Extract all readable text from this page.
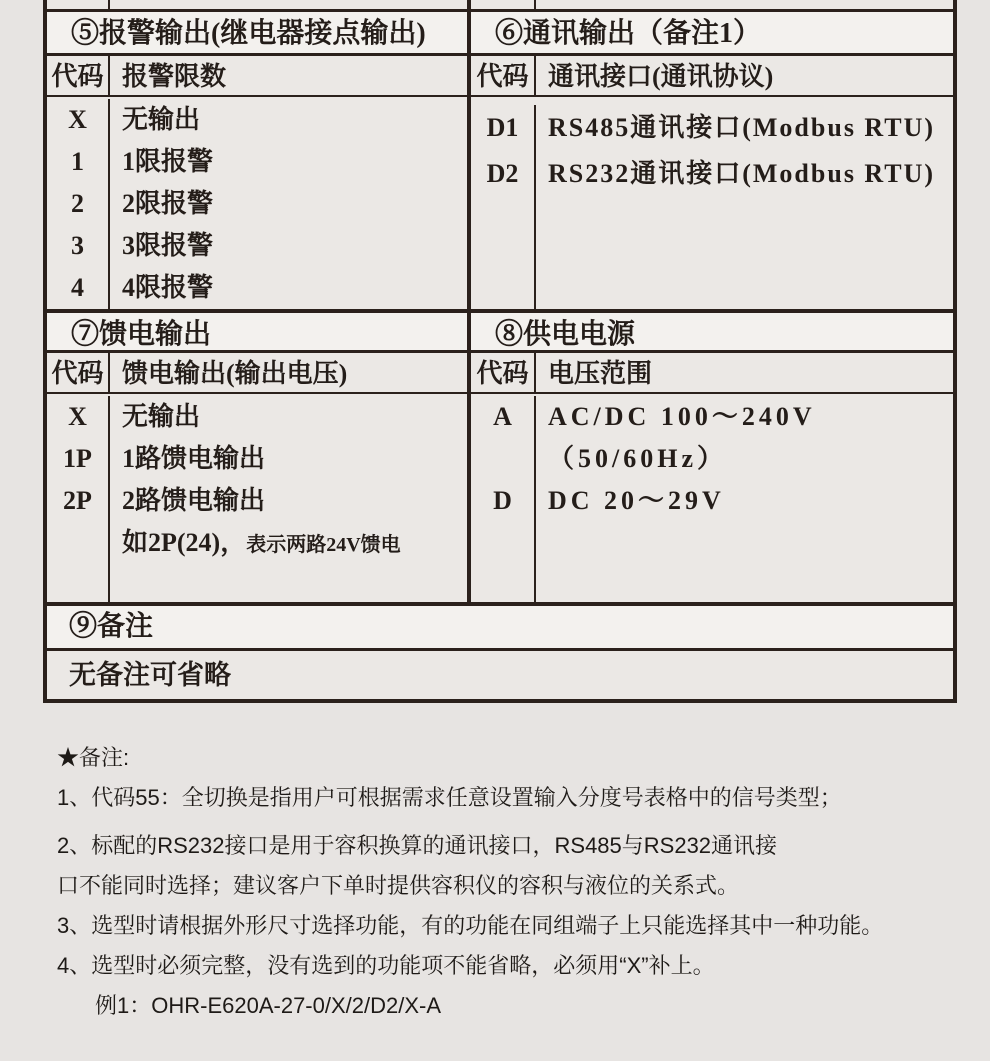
⑤报警输出(继电器接点输出)
代码 报警限数
X
1
2
3
4
无输出
1限报警
2限报警
3限报警
4限报警
⑦馈电输出
代码 馈电输出(输出电压)
X
1P
2P
无输出
1路馈电输出
2路馈电输出
如2P(24)，表示两路24V馈电
⑥通讯输出（备注1）
代码 通讯接口(通讯协议)
D1
D2
RS485通讯接口(Modbus RTU)
RS232通讯接口(Modbus RTU)
⑧供电电源
代码 电压范围
A
D
AC/DC 100～240V
（50/60Hz）
DC 20～29V
⑨备注
无备注可省略
★备注:
1、代码55：全切换是指用户可根据需求任意设置输入分度号表格中的信号类型；
2、标配的RS232接口是用于容积换算的通讯接口，RS485与RS232通讯接
口不能同时选择；建议客户下单时提供容积仪的容积与液位的关系式。
3、选型时请根据外形尺寸选择功能，有的功能在同组端子上只能选择其中一种功能。
4、选型时必须完整，没有选到的功能项不能省略，必须用“X”补上。
例1：OHR-E620A-27-0/X/2/D2/X-A
